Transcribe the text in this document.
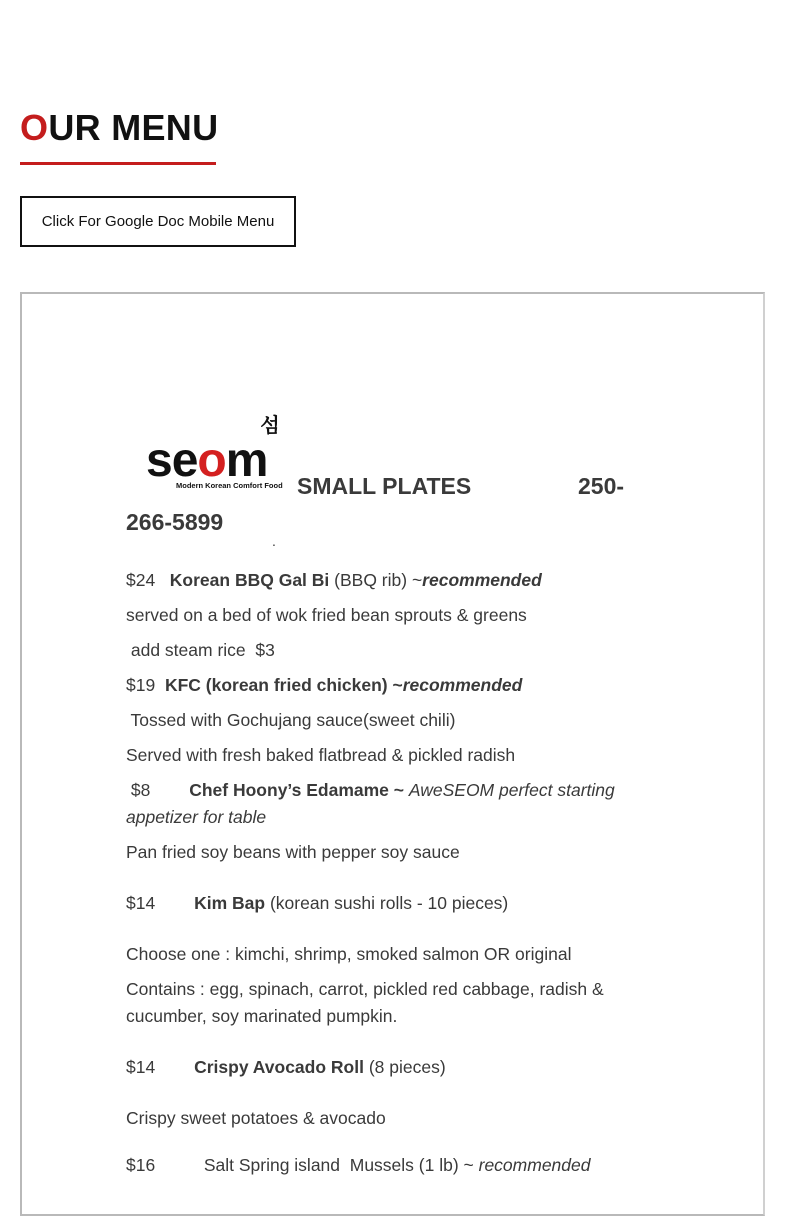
OUR MENU
Click For Google Doc Mobile Menu
섬
seom
Modern Korean Comfort Food SMALL PLATES	250-
266-5899
.
$24 Korean BBQ Gal Bi (BBQ rib) ~recommended
served on a bed of wok fried bean sprouts & greens
add steam rice  $3
$19 KFC (korean fried chicken) ~recommended
Tossed with Gochujang sauce(sweet chili)
Served with fresh baked flatbread & pickled radish
$8 Chef Hoony’s Edamame ~ AweSEOM perfect starting appetizer for table
Pan fried soy beans with pepper soy sauce
$14 Kim Bap (korean sushi rolls - 10 pieces)
Choose one : kimchi, shrimp, smoked salmon OR original
Contains : egg, spinach, carrot, pickled red cabbage, radish & cucumber, soy marinated pumpkin.
$14 Crispy Avocado Roll (8 pieces)
Crispy sweet potatoes & avocado
$16	Salt Spring island  Mussels (1 lb) ~ recommended
